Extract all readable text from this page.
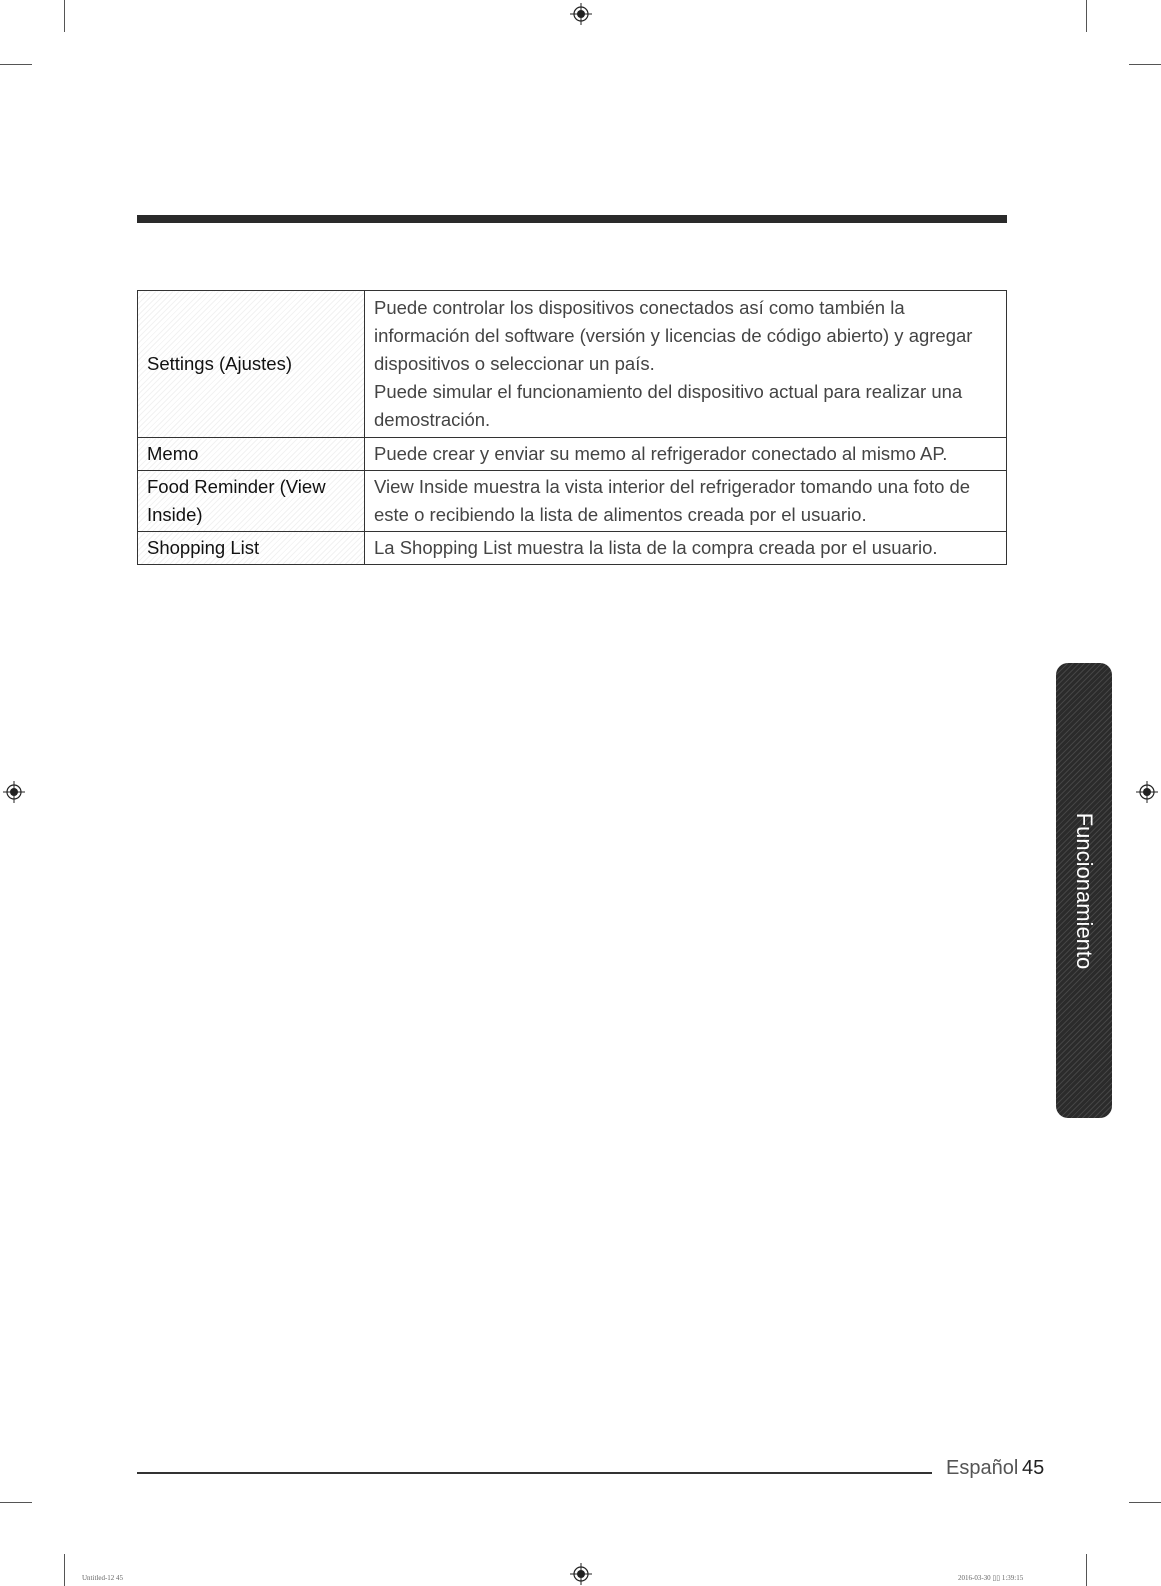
Settings (Ajustes)	Puede controlar los dispositivos conectados así como también la información del software (versión y licencias de código abierto) y agregar dispositivos o seleccionar un país.

Puede simular el funcionamiento del dispositivo actual para realizar una demostración.

Memo	Puede crear y enviar su memo al refrigerador conectado al mismo AP.

Food Reminder (View Inside)	View Inside muestra la vista interior del refrigerador tomando una foto de este o recibiendo la lista de alimentos creada por el usuario.

Shopping List	La Shopping List muestra la lista de la compra creada por el usuario.

Funcionamiento
Español 45
Untitled-12 45	2016-03-30 ▯▯ 1:39:15
